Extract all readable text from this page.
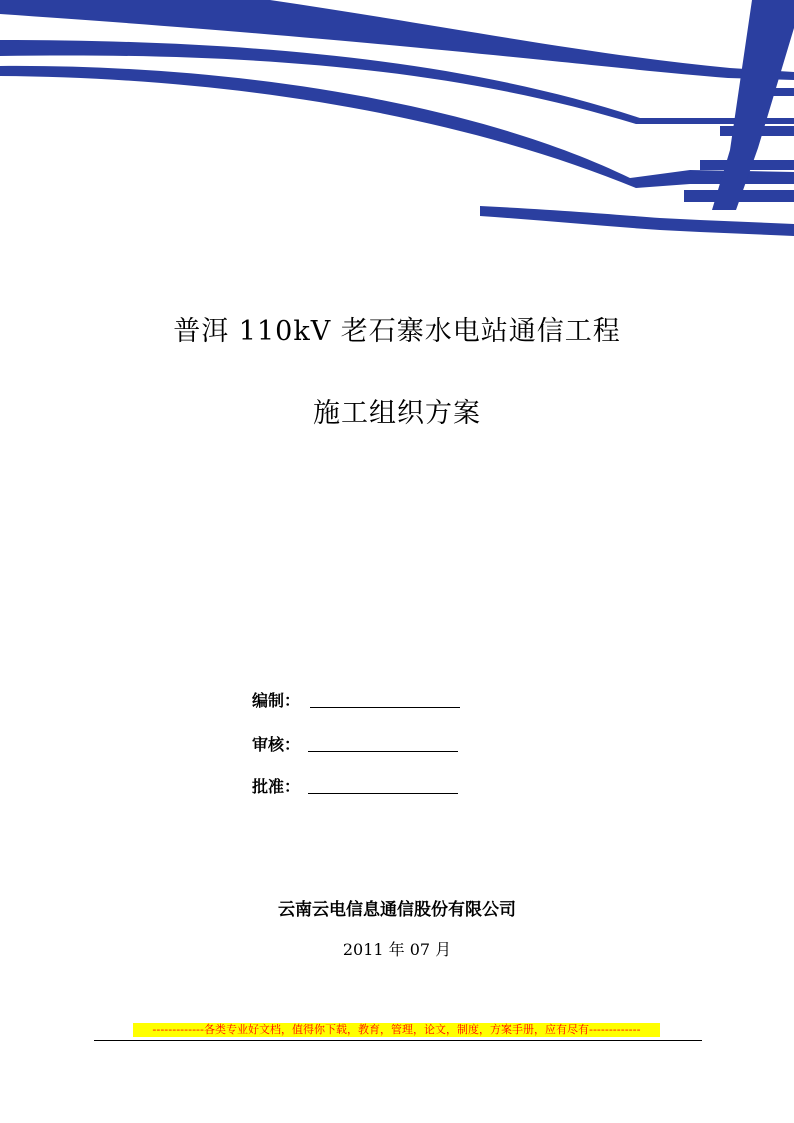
普洱 110kV 老石寨水电站通信工程
施工组织方案
编制：
审核：
批准：
云南云电信息通信股份有限公司
2011 年 07 月
-------------各类专业好文档，值得你下载，教育，管理，论文，制度，方案手册，应有尽有-------------
